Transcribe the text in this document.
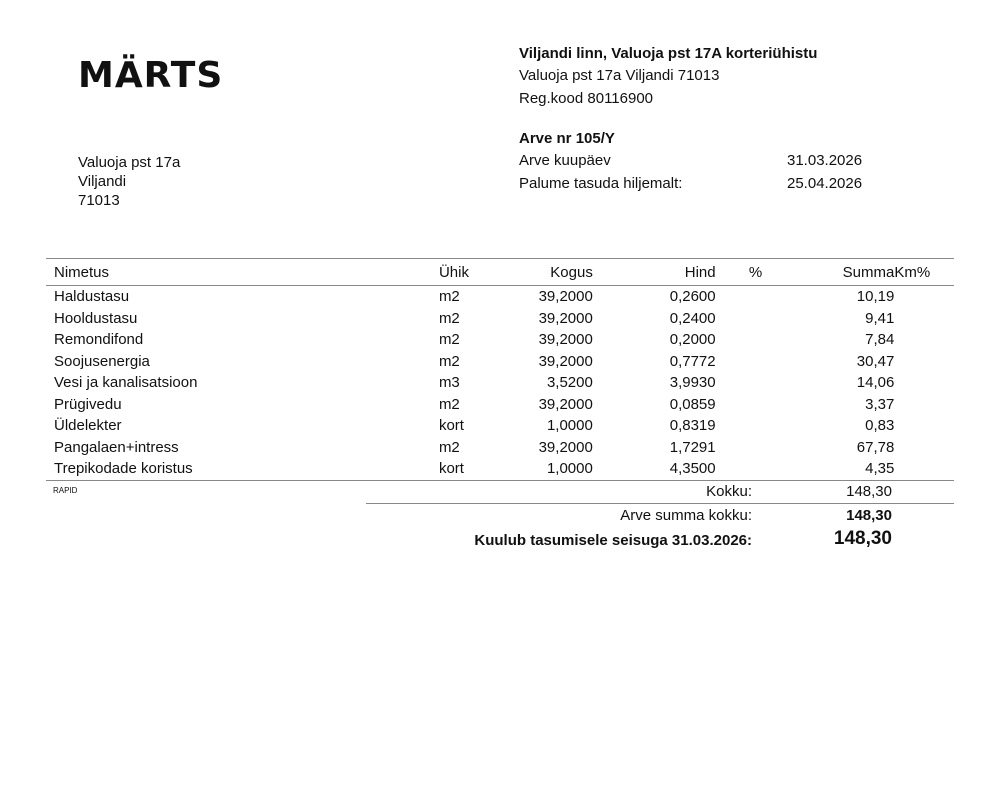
MÄRTS
Valuoja pst 17a
Viljandi
71013
Viljandi linn, Valuoja pst 17A korteriühistu
Valuoja pst 17a Viljandi 71013
Reg.kood 80116900
Arve nr 105/Y
Arve kuupäev	31.03.2026
Palume tasuda hiljemalt:	25.04.2026
Nimetus	Ühik	Kogus	Hind	%	Summa	Km%
Haldustasu	m2	39,2000	0,2600		10,19	
Hooldustasu	m2	39,2000	0,2400		9,41	
Remondifond	m2	39,2000	0,2000		7,84	
Soojusenergia	m2	39,2000	0,7772		30,47	
Vesi ja kanalisatsioon	m3	3,5200	3,9930		14,06	
Prügivedu	m2	39,2000	0,0859		3,37	
Üldelekter	kort	1,0000	0,8319		0,83	
Pangalaen+intress	m2	39,2000	1,7291		67,78	
Trepikodade koristus	kort	1,0000	4,3500		4,35	
RAPID	Kokku:	148,30
Arve summa kokku:	148,30
Kuulub tasumisele seisuga 31.03.2026:	148,30
